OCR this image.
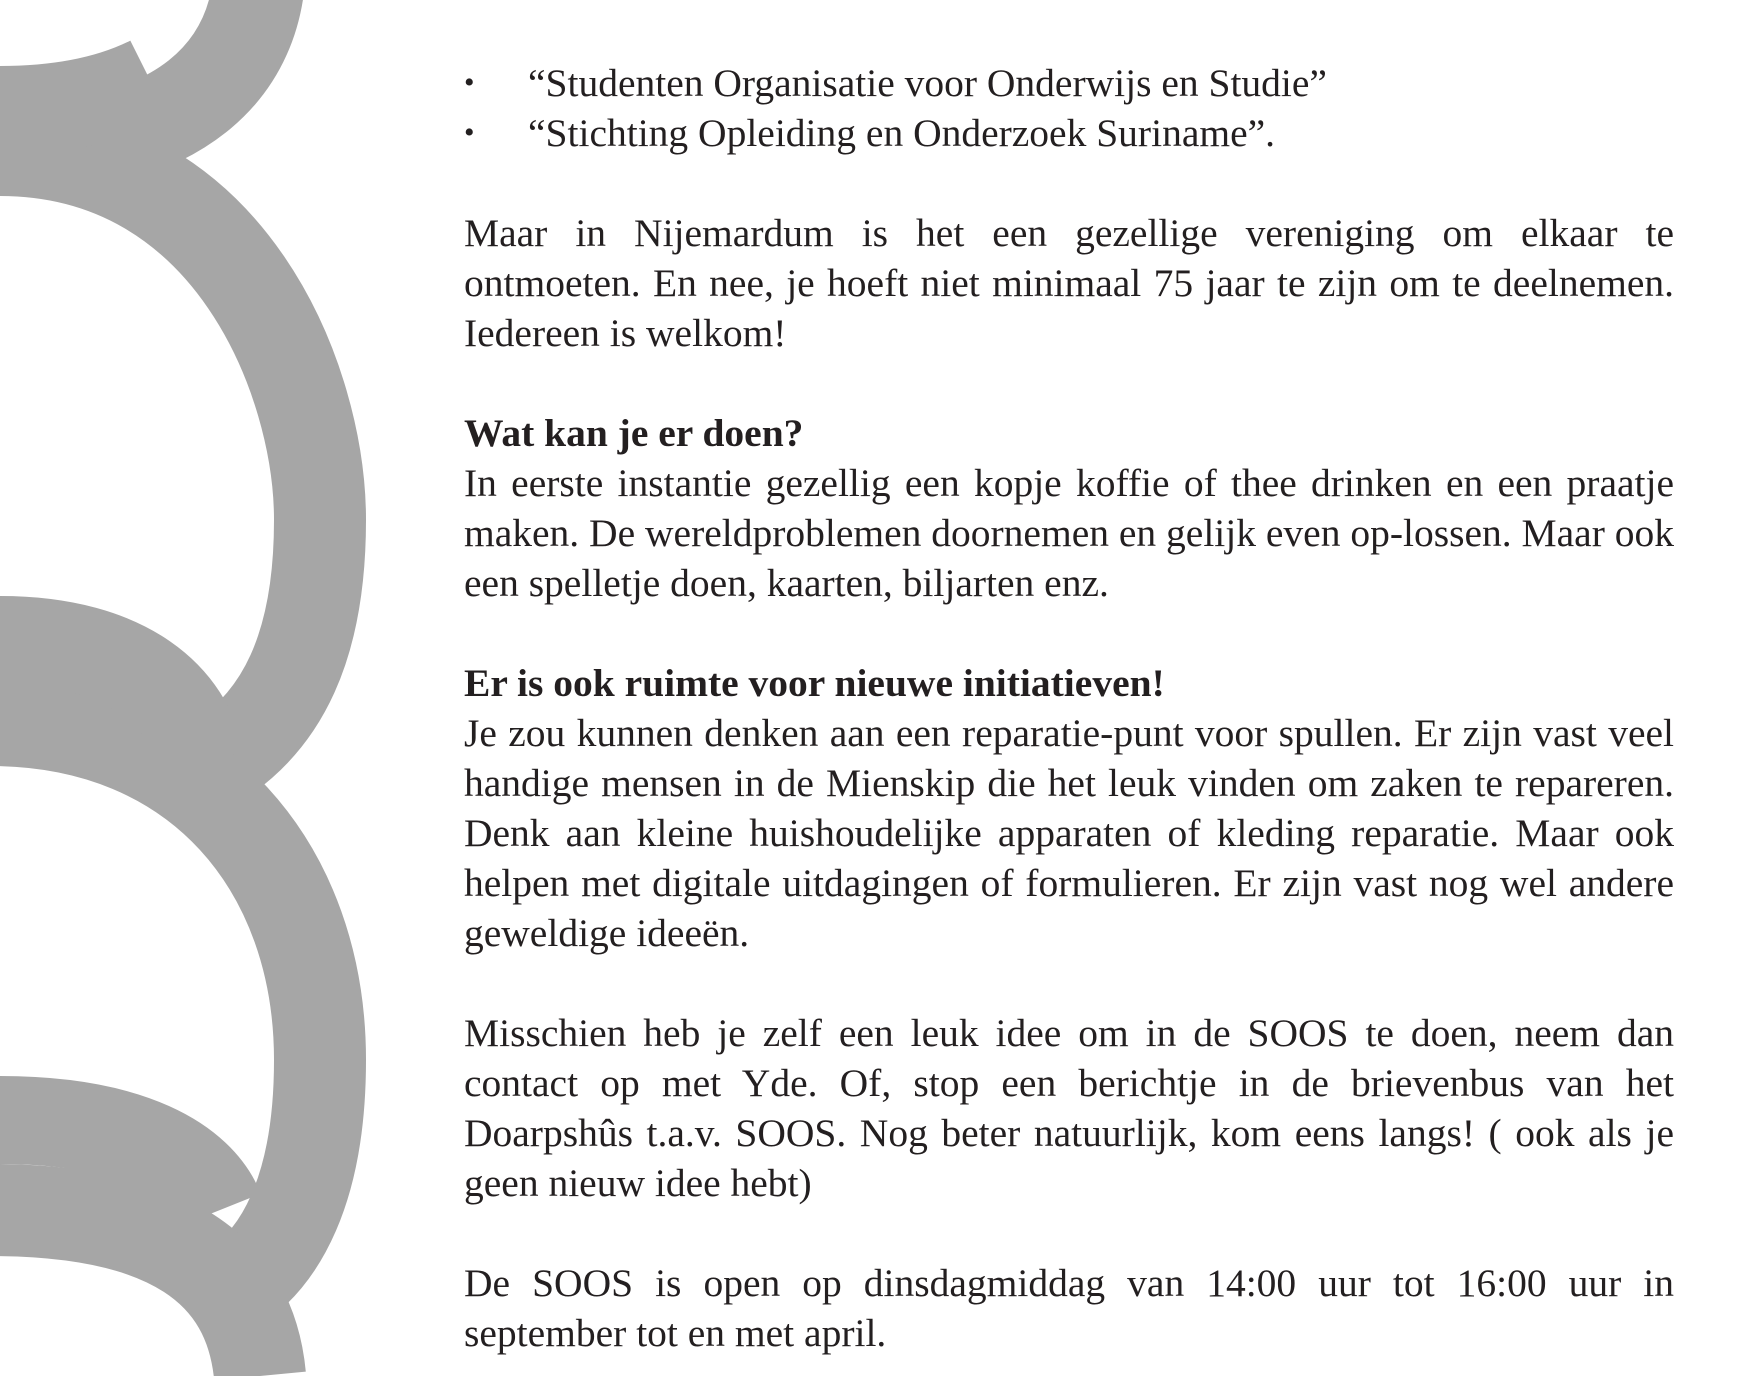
• “Studenten Organisatie voor Onderwijs en Studie”
• “Stichting Opleiding en Onderzoek Suriname”.

Maar in Nijemardum is het een gezellige vereniging om elkaar te ontmoeten. En nee, je hoeft niet minimaal 75 jaar te zijn om te deelnemen. Iedereen is welkom!

Wat kan je er doen?

In eerste instantie gezellig een kopje koffie of thee drinken en een praatje maken. De wereldproblemen doornemen en gelijk even op-lossen. Maar ook een spelletje doen, kaarten, biljarten enz.

Er is ook ruimte voor nieuwe initiatieven!

Je zou kunnen denken aan een reparatie-punt voor spullen. Er zijn vast veel handige mensen in de Mienskip die het leuk vinden om zaken te repareren. Denk aan kleine huishoudelijke apparaten of kleding reparatie. Maar ook helpen met digitale uitdagingen of formulieren. Er zijn vast nog wel andere geweldige ideeën.

Misschien heb je zelf een leuk idee om in de SOOS te doen, neem dan contact op met Yde. Of, stop een berichtje in de brievenbus van het Doarpshûs t.a.v. SOOS. Nog beter natuurlijk, kom eens langs! ( ook als je geen nieuw idee hebt)

De SOOS is open op dinsdagmiddag van 14:00 uur tot 16:00 uur in september tot en met april.
